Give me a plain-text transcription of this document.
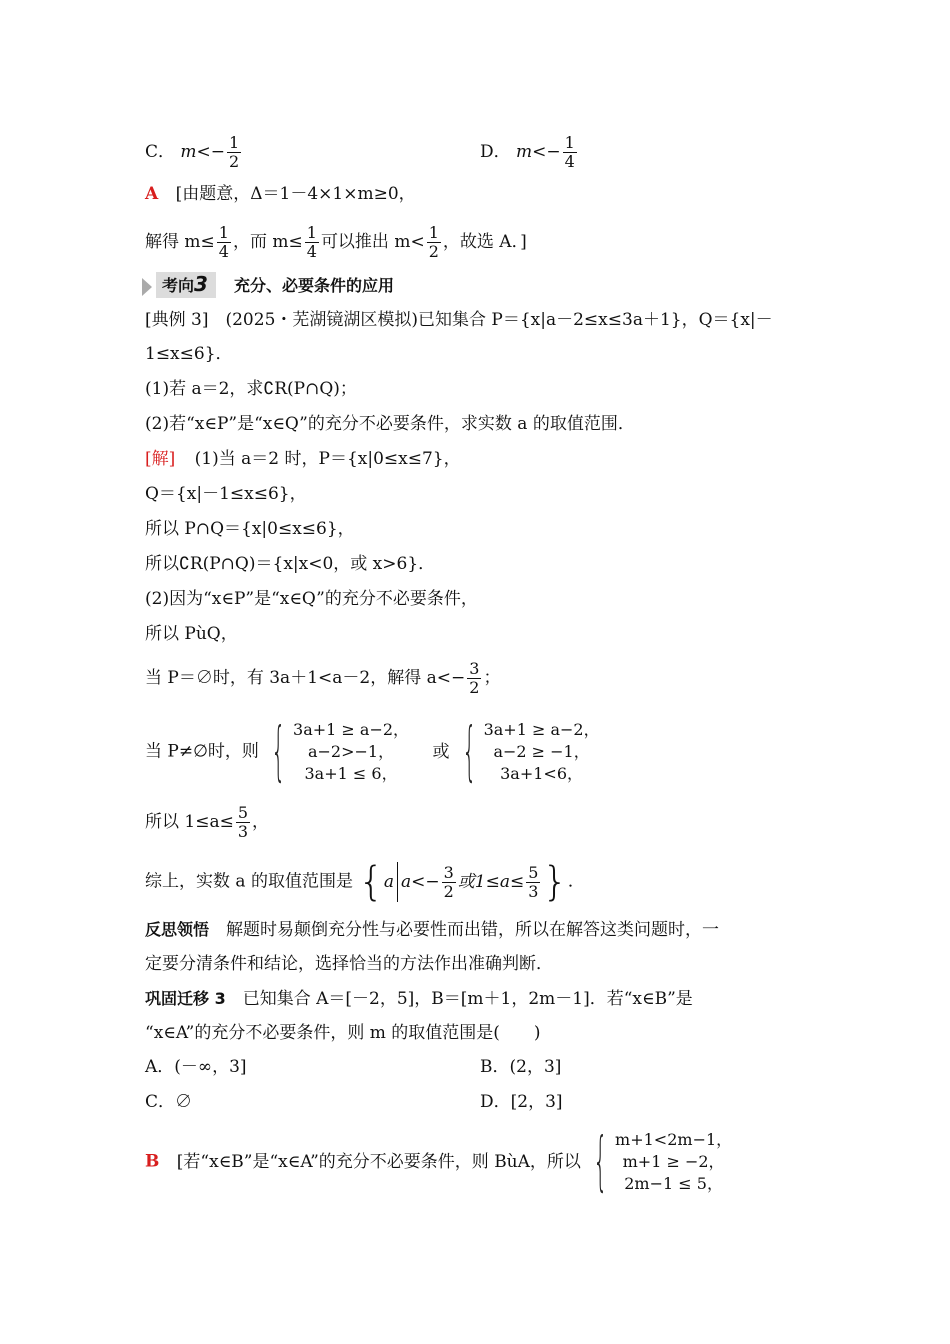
C． $m<- \frac{1}{2}$	D． $m<- \frac{1}{4}$
A [由题意，Δ＝1－4×1×m≥0，
解得 $m\le \frac{1}{4}$ ，而 $m\le \frac{1}{4}$ 可以推出 $m< \frac{1}{2}$ ，故选 A．]
考向3 充分、必要条件的应用
[典例 3]　(2025・芜湖镜湖区模拟)已知集合 P＝{x|a－2≤x≤3a＋1}，Q＝{x|－
1≤x≤6}．
(1)若 a＝2，求∁R(P∩Q)；
(2)若“x∈P”是“x∈Q”的充分不必要条件，求实数 a 的取值范围．
[解] (1)当 a＝2 时，P＝{x|0≤x≤7}，
Q＝{x|－1≤x≤6}，
所以 P∩Q＝{x|0≤x≤6}，
所以∁R(P∩Q)＝{x|x<0，或 x>6}．
(2)因为“x∈P”是“x∈Q”的充分不必要条件，
所以 PùQ，
当 P＝∅时，有 3a＋1<a－2，解得 $a<- \frac{3}{2}$ ；
当 P≠∅时，则 { 3a+1 ≥ a−2，
a−2>−1，
3a+1 ≤ 6，
或 { 3a+1 ≥ a−2，
a−2 ≥ −1，
3a+1<6，
所以 $1\le a\le \frac{5}{3}$ ，
综上，实数 a 的取值范围是 { a $a<- \frac{3}{2}$ 或$1\le a\le \frac{5}{3}$ } ．
反思领悟　解题时易颠倒充分性与必要性而出错，所以在解答这类问题时，一
定要分清条件和结论，选择恰当的方法作出准确判断．
巩固迁移 3　已知集合 A＝[－2，5]，B＝[m＋1，2m－1]．若“x∈B”是
“x∈A”的充分不必要条件，则 m 的取值范围是(　　)
A．(－∞，3]	B．(2，3]
C．∅	D．[2，3]
B [若“x∈B”是“x∈A”的充分不必要条件，则 BùA，所以 { m+1<2m−1，
m+1 ≥ −2，
2m−1 ≤ 5，
